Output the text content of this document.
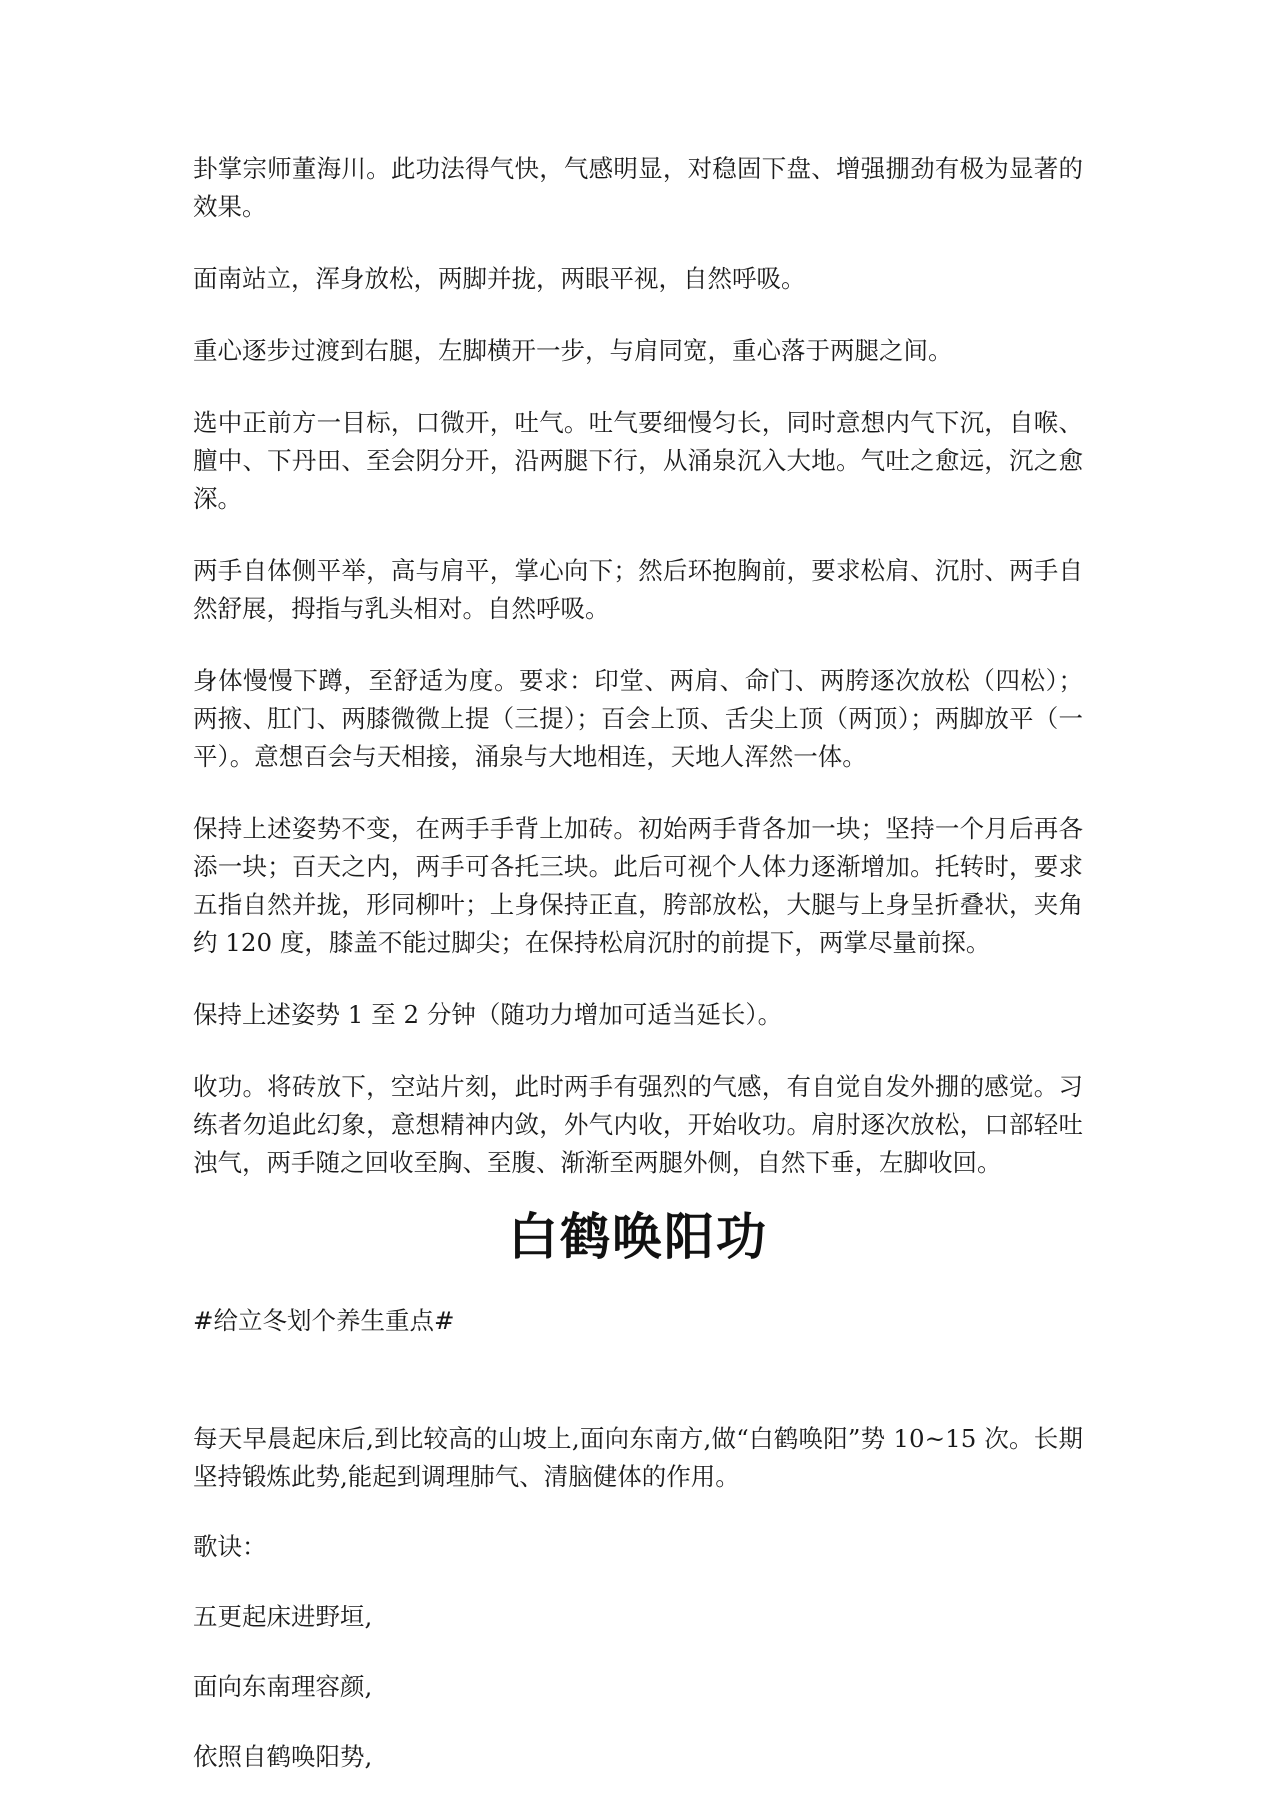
卦掌宗师董海川。此功法得气快，气感明显，对稳固下盘、增强掤劲有极为显著的效果。

面南站立，浑身放松，两脚并拢，两眼平视，自然呼吸。

重心逐步过渡到右腿，左脚横开一步，与肩同宽，重心落于两腿之间。

选中正前方一目标，口微开，吐气。吐气要细慢匀长，同时意想内气下沉，自喉、膻中、下丹田、至会阴分开，沿两腿下行，从涌泉沉入大地。气吐之愈远，沉之愈深。

两手自体侧平举，高与肩平，掌心向下；然后环抱胸前，要求松肩、沉肘、两手自然舒展，拇指与乳头相对。自然呼吸。

身体慢慢下蹲，至舒适为度。要求：印堂、两肩、命门、两胯逐次放松（四松）；两掖、肛门、两膝微微上提（三提）；百会上顶、舌尖上顶（两顶）；两脚放平（一平）。意想百会与天相接，涌泉与大地相连，天地人浑然一体。

保持上述姿势不变，在两手手背上加砖。初始两手背各加一块；坚持一个月后再各添一块；百天之内，两手可各托三块。此后可视个人体力逐渐增加。托转时，要求五指自然并拢，形同柳叶；上身保持正直，胯部放松，大腿与上身呈折叠状，夹角约 120 度，膝盖不能过脚尖；在保持松肩沉肘的前提下，两掌尽量前探。

保持上述姿势 1 至 2 分钟（随功力增加可适当延长）。

收功。将砖放下，空站片刻，此时两手有强烈的气感，有自觉自发外掤的感觉。习练者勿追此幻象，意想精神内敛，外气内收，开始收功。肩肘逐次放松，口部轻吐浊气，两手随之回收至胸、至腹、渐渐至两腿外侧，自然下垂，左脚收回。

白鹤唤阳功

#给立冬划个养生重点#

每天早晨起床后,到比较高的山坡上,面向东南方,做“白鹤唤阳”势 10~15 次。长期坚持锻炼此势,能起到调理肺气、清脑健体的作用。

歌诀：

五更起床进野垣,

面向东南理容颜,

依照自鹤唤阳势,
